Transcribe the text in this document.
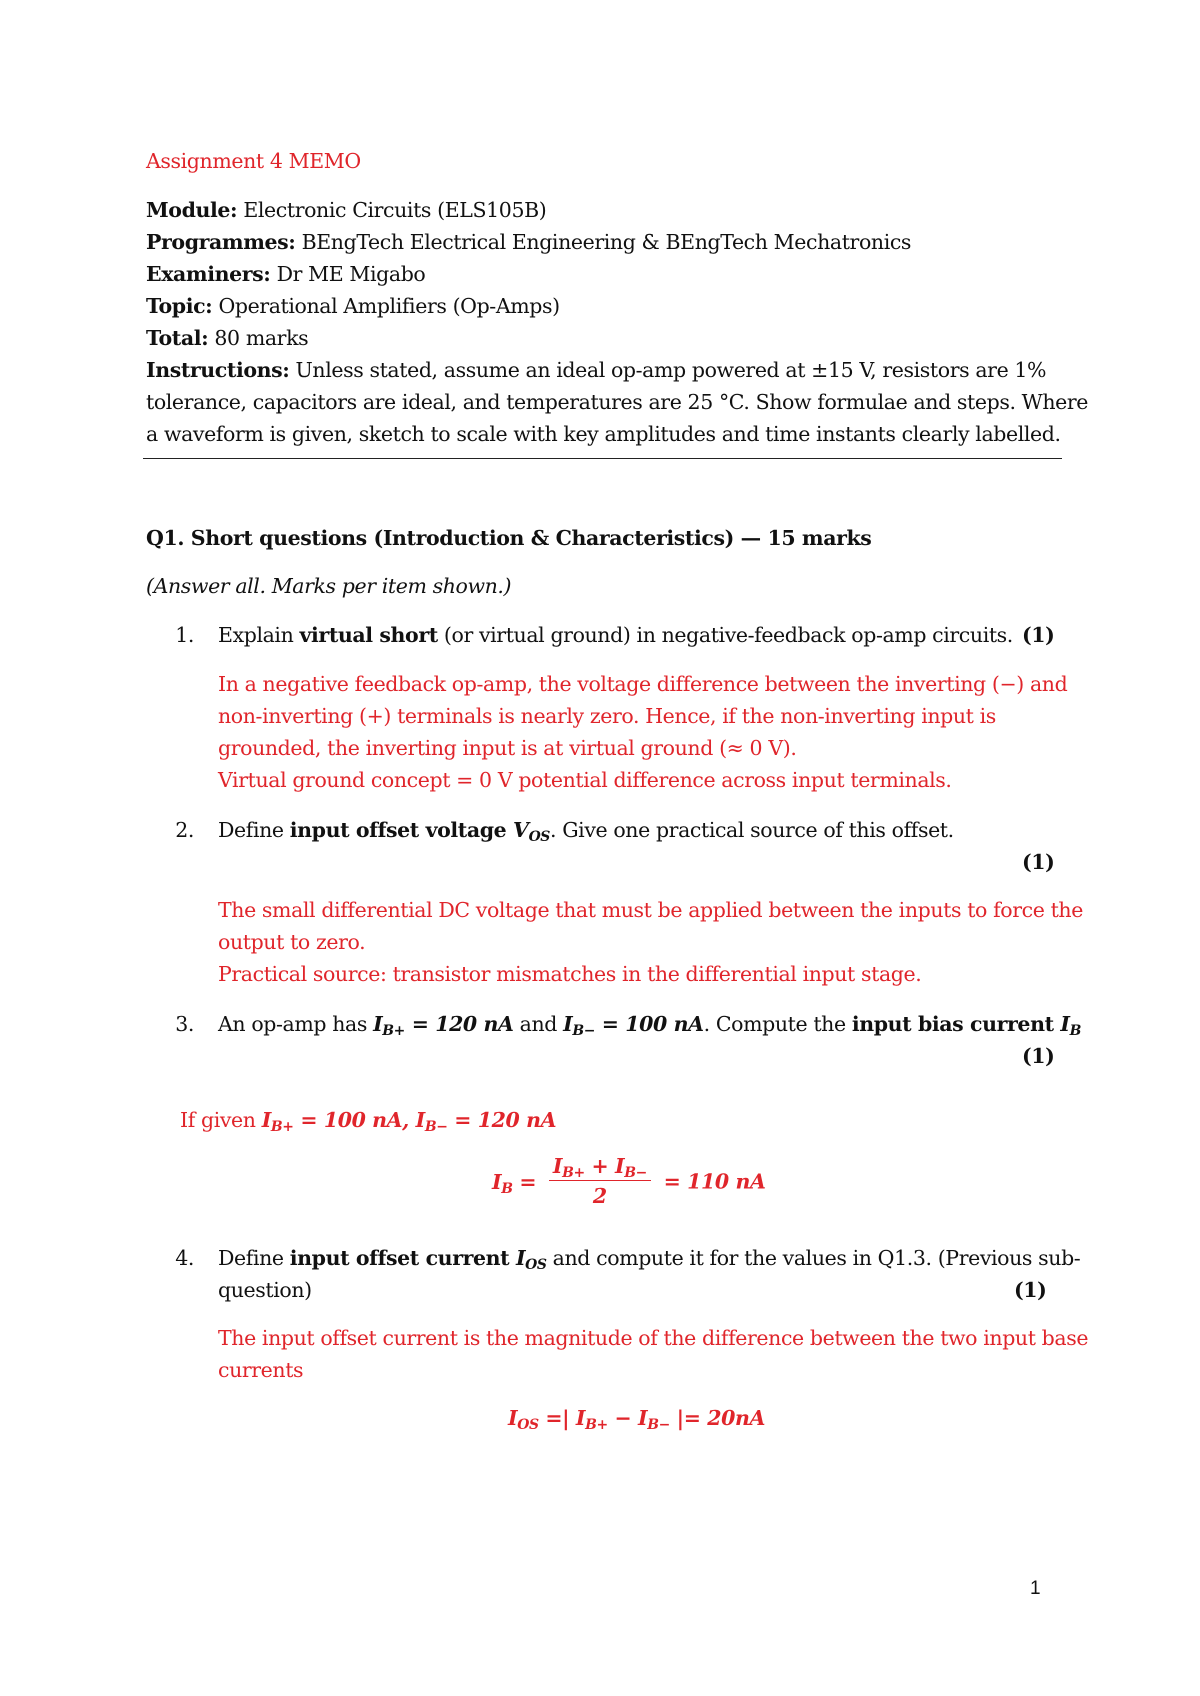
Assignment 4 MEMO
Module: Electronic Circuits (ELS105B)
Programmes: BEngTech Electrical Engineering & BEngTech Mechatronics
Examiners: Dr ME Migabo
Topic: Operational Amplifiers (Op-Amps)
Total: 80 marks
Instructions: Unless stated, assume an ideal op-amp powered at ±15 V, resistors are 1%
tolerance, capacitors are ideal, and temperatures are 25 °C. Show formulae and steps. Where
a waveform is given, sketch to scale with key amplitudes and time instants clearly labelled.
Q1. Short questions (Introduction & Characteristics) — 15 marks
(Answer all. Marks per item shown.)
1. Explain virtual short (or virtual ground) in negative-feedback op-amp circuits. (1)
In a negative feedback op-amp, the voltage difference between the inverting (−) and
non-inverting (+) terminals is nearly zero. Hence, if the non-inverting input is
grounded, the inverting input is at virtual ground (≈ 0 V).
Virtual ground concept = 0 V potential difference across input terminals.
2. Define input offset voltage $V_{OS}$. Give one practical source of this offset.
(1)
The small differential DC voltage that must be applied between the inputs to force the
output to zero.
Practical source: transistor mismatches in the differential input stage.
3. An op-amp has $I_{B+} = 120$ nA and $I_{B-} = 100$ nA. Compute the input bias current $I_B$
(1)
If given $I_{B+} = 100$ nA, $I_{B-} = 120$ nA
$I_B = \frac{I_{B+} + I_{B-}}{2} = 110$ nA
4. Define input offset current $I_{OS}$ and compute it for the values in Q1.3. (Previous sub-
question)	(1)
The input offset current is the magnitude of the difference between the two input base
currents
$I_{OS}$ =| $I_{B+} - I_{B-}$ |= 20nA
1
